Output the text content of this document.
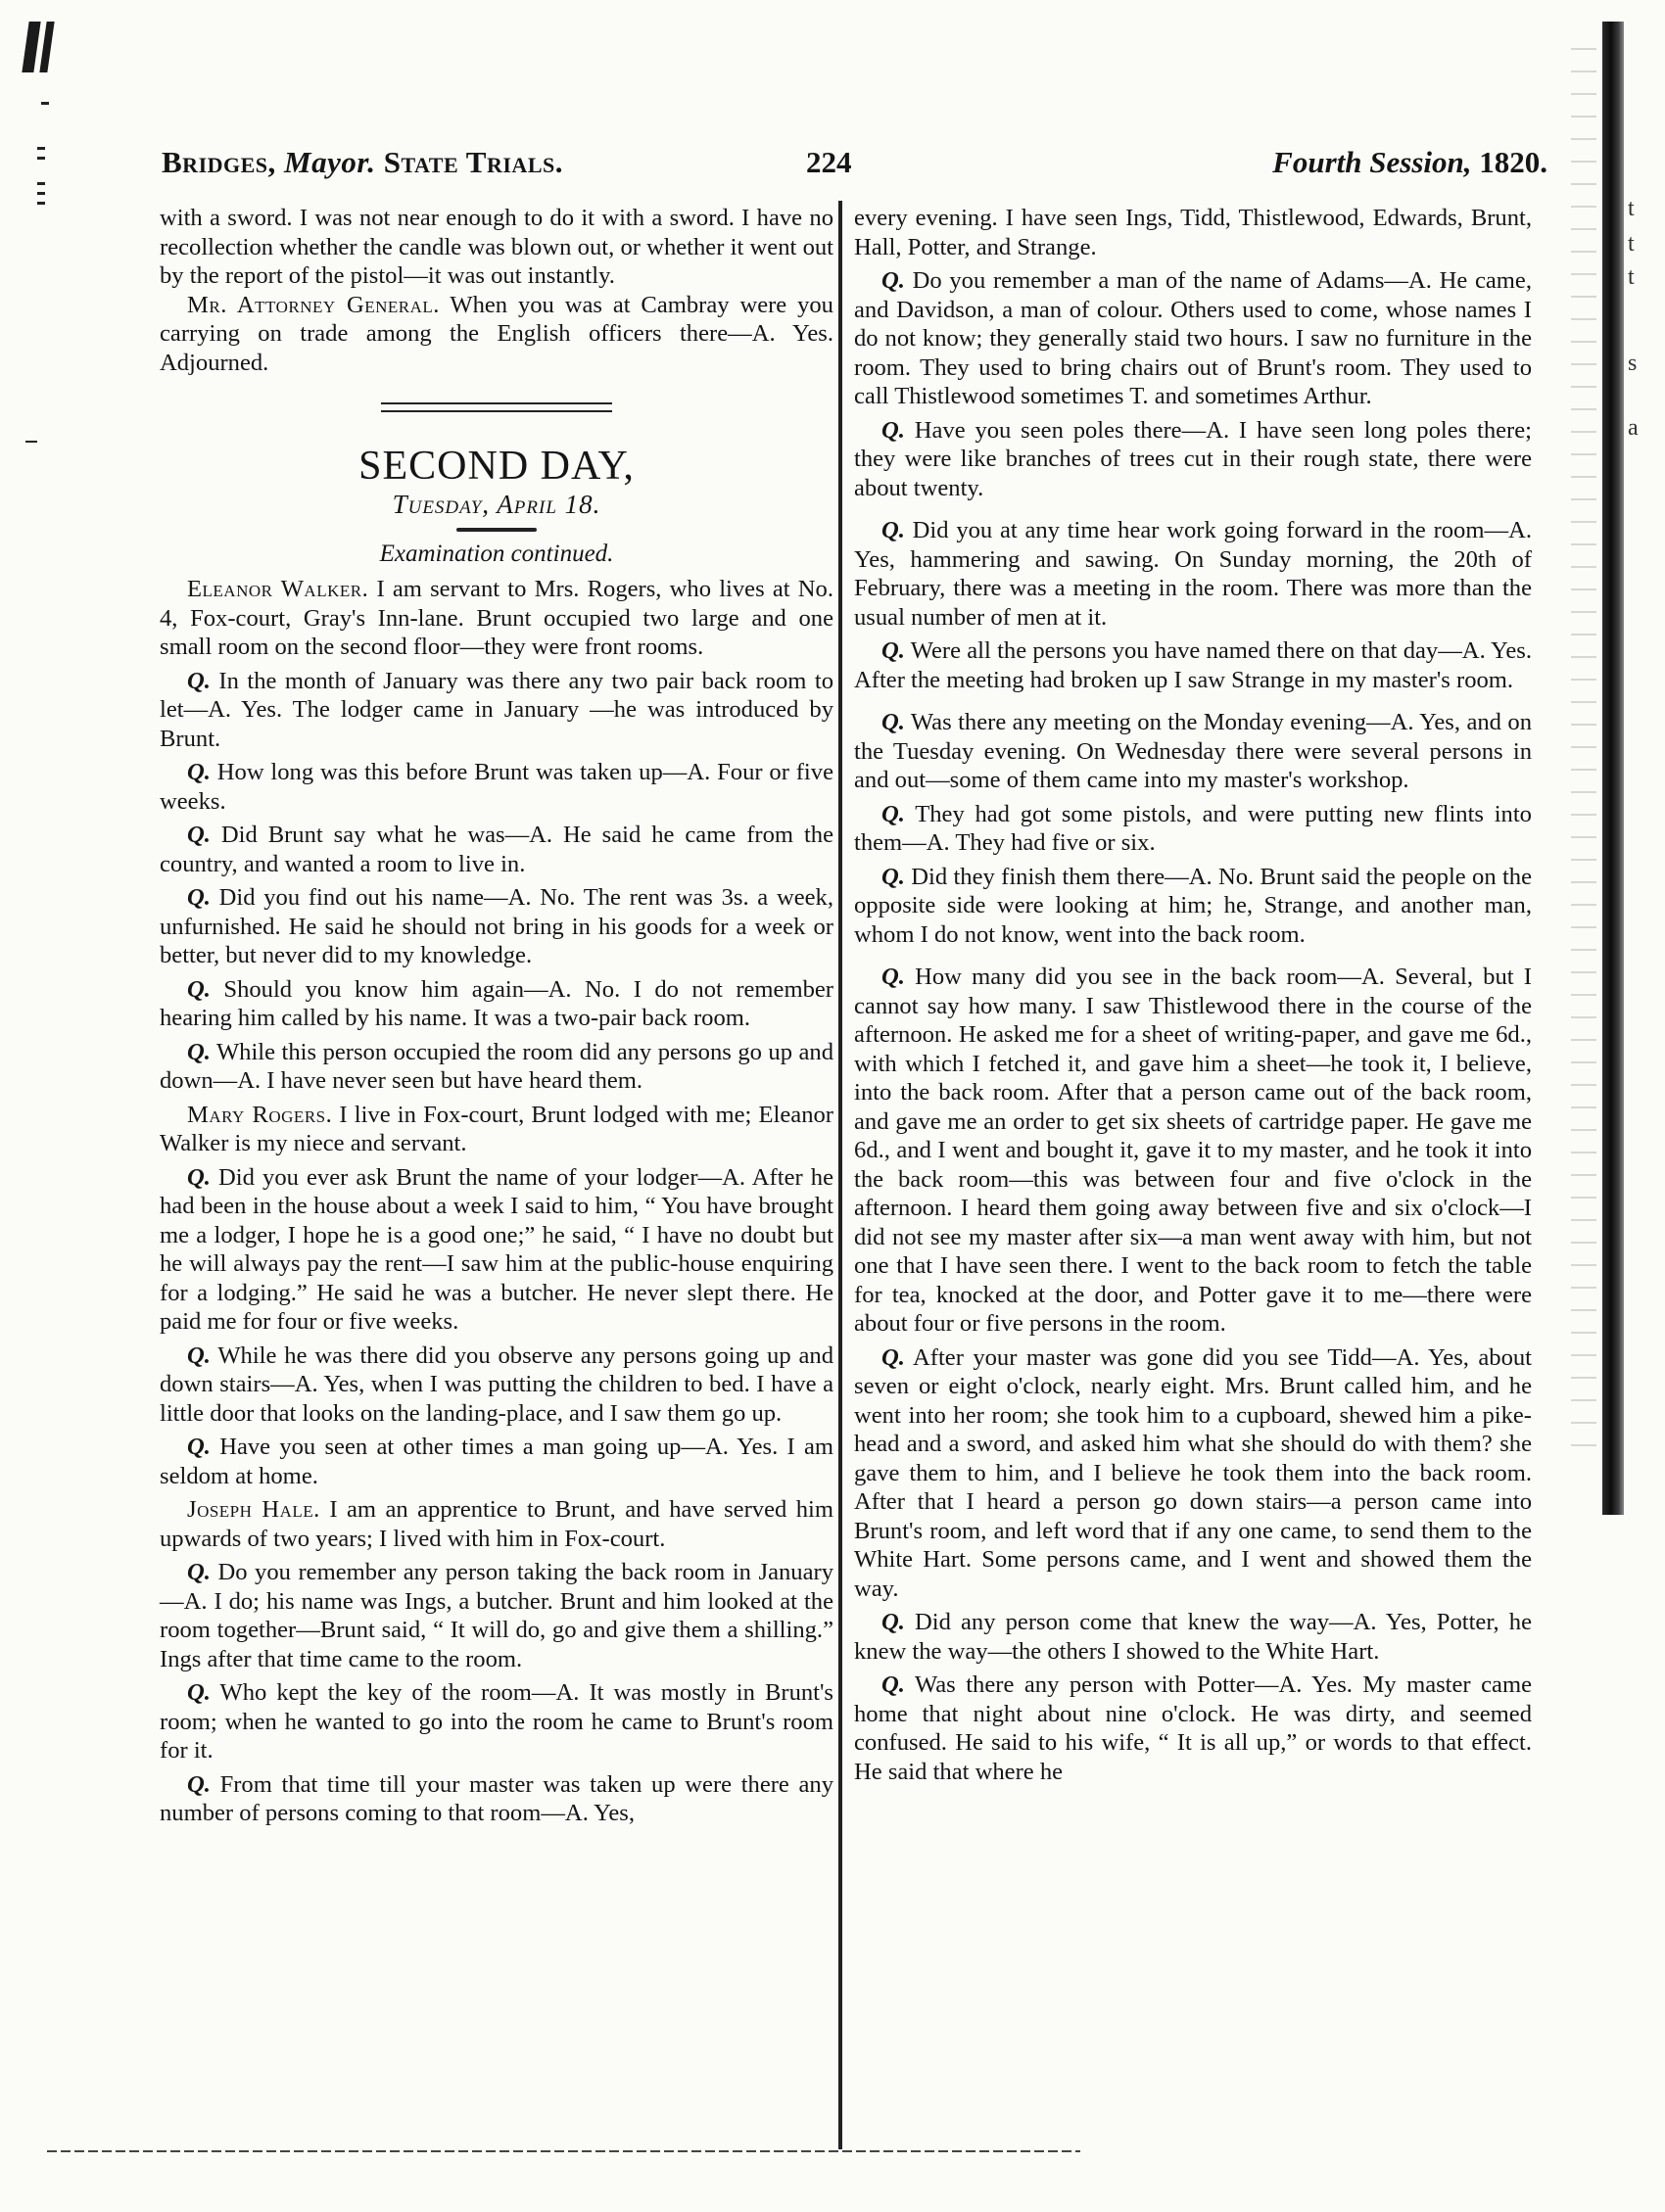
t
t
t
s
a
Bridges, Mayor. State Trials.	224	Fourth Session, 1820.

with a sword. I was not near enough to do it with a sword. I have no recollection whether the candle was blown out, or whether it went out by the report of the pistol—it was out instantly.

Mr. Attorney General. When you was at Cambray were you carrying on trade among the English officers there—A. Yes. Adjourned.

SECOND DAY,
Tuesday, April 18.
Examination continued.

Eleanor Walker. I am servant to Mrs. Rogers, who lives at No. 4, Fox-court, Gray's Inn-lane. Brunt occupied two large and one small room on the second floor—they were front rooms.

Q. In the month of January was there any two pair back room to let—A. Yes. The lodger came in January —he was introduced by Brunt.

Q. How long was this before Brunt was taken up—A. Four or five weeks.

Q. Did Brunt say what he was—A. He said he came from the country, and wanted a room to live in.

Q. Did you find out his name—A. No. The rent was 3s. a week, unfurnished. He said he should not bring in his goods for a week or better, but never did to my knowledge.

Q. Should you know him again—A. No. I do not remember hearing him called by his name. It was a two-pair back room.

Q. While this person occupied the room did any persons go up and down—A. I have never seen but have heard them.

Mary Rogers. I live in Fox-court, Brunt lodged with me; Eleanor Walker is my niece and servant.

Q. Did you ever ask Brunt the name of your lodger—A. After he had been in the house about a week I said to him, “ You have brought me a lodger, I hope he is a good one;” he said, “ I have no doubt but he will always pay the rent—I saw him at the public-house enquiring for a lodging.” He said he was a butcher. He never slept there. He paid me for four or five weeks.

Q. While he was there did you observe any persons going up and down stairs—A. Yes, when I was putting the children to bed. I have a little door that looks on the landing-place, and I saw them go up.

Q. Have you seen at other times a man going up—A. Yes. I am seldom at home.

Joseph Hale. I am an apprentice to Brunt, and have served him upwards of two years; I lived with him in Fox-court.

Q. Do you remember any person taking the back room in January—A. I do; his name was Ings, a butcher. Brunt and him looked at the room together—Brunt said, “ It will do, go and give them a shilling.” Ings after that time came to the room.

Q. Who kept the key of the room—A. It was mostly in Brunt's room; when he wanted to go into the room he came to Brunt's room for it.

Q. From that time till your master was taken up were there any number of persons coming to that room—A. Yes,

every evening. I have seen Ings, Tidd, Thistlewood, Edwards, Brunt, Hall, Potter, and Strange.

Q. Do you remember a man of the name of Adams—A. He came, and Davidson, a man of colour. Others used to come, whose names I do not know; they generally staid two hours. I saw no furniture in the room. They used to bring chairs out of Brunt's room. They used to call Thistlewood sometimes T. and sometimes Arthur.

Q. Have you seen poles there—A. I have seen long poles there; they were like branches of trees cut in their rough state, there were about twenty.

Q. Did you at any time hear work going forward in the room—A. Yes, hammering and sawing. On Sunday morning, the 20th of February, there was a meeting in the room. There was more than the usual number of men at it.

Q. Were all the persons you have named there on that day—A. Yes. After the meeting had broken up I saw Strange in my master's room.

Q. Was there any meeting on the Monday evening—A. Yes, and on the Tuesday evening. On Wednesday there were several persons in and out—some of them came into my master's workshop.

Q. They had got some pistols, and were putting new flints into them—A. They had five or six.

Q. Did they finish them there—A. No. Brunt said the people on the opposite side were looking at him; he, Strange, and another man, whom I do not know, went into the back room.

Q. How many did you see in the back room—A. Several, but I cannot say how many. I saw Thistlewood there in the course of the afternoon. He asked me for a sheet of writing-paper, and gave me 6d., with which I fetched it, and gave him a sheet—he took it, I believe, into the back room. After that a person came out of the back room, and gave me an order to get six sheets of cartridge paper. He gave me 6d., and I went and bought it, gave it to my master, and he took it into the back room—this was between four and five o'clock in the afternoon. I heard them going away between five and six o'clock—I did not see my master after six—a man went away with him, but not one that I have seen there. I went to the back room to fetch the table for tea, knocked at the door, and Potter gave it to me—there were about four or five persons in the room.

Q. After your master was gone did you see Tidd—A. Yes, about seven or eight o'clock, nearly eight. Mrs. Brunt called him, and he went into her room; she took him to a cupboard, shewed him a pike-head and a sword, and asked him what she should do with them? she gave them to him, and I believe he took them into the back room. After that I heard a person go down stairs—a person came into Brunt's room, and left word that if any one came, to send them to the White Hart. Some persons came, and I went and showed them the way.

Q. Did any person come that knew the way—A. Yes, Potter, he knew the way—the others I showed to the White Hart.

Q. Was there any person with Potter—A. Yes. My master came home that night about nine o'clock. He was dirty, and seemed confused. He said to his wife, “ It is all up,” or words to that effect. He said that where he
